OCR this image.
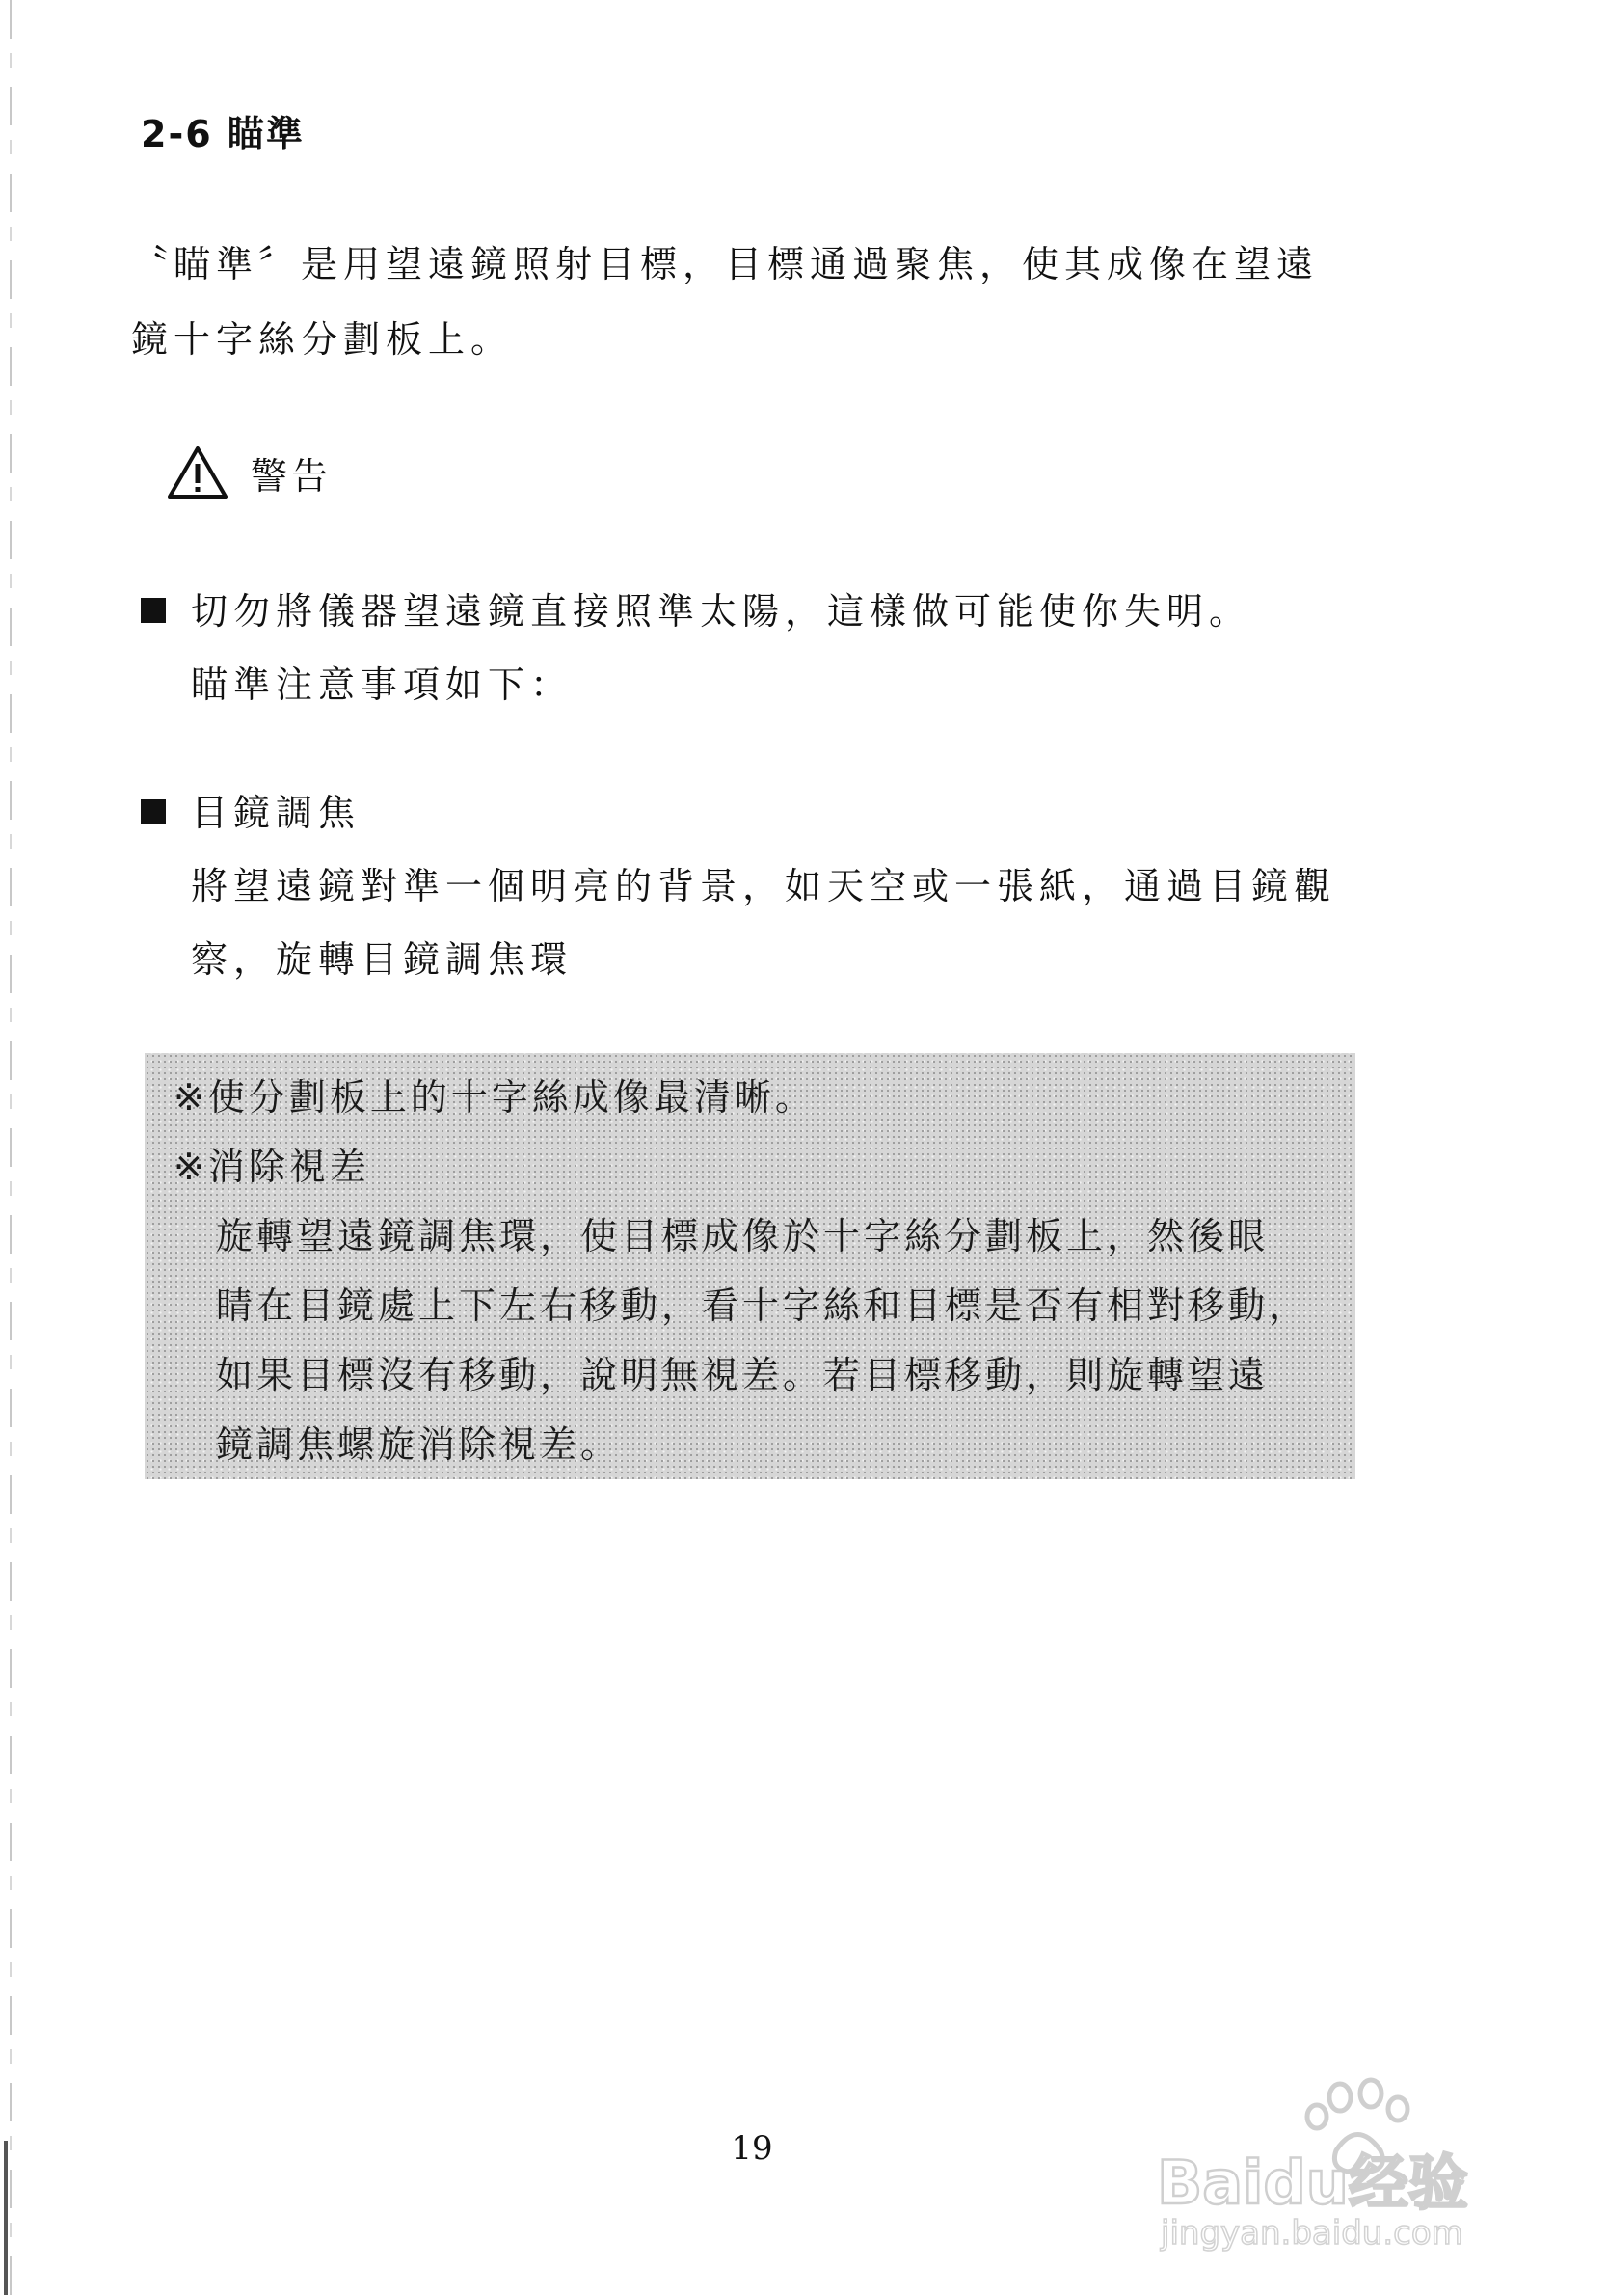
2-6 瞄準
〝瞄準〞是用望遠鏡照射目標，目標通過聚焦，使其成像在望遠
鏡十字絲分劃板上。
警告
切勿將儀器望遠鏡直接照準太陽，這樣做可能使你失明。
瞄準注意事項如下：
目鏡調焦
將望遠鏡對準一個明亮的背景，如天空或一張紙，通過目鏡觀
察，旋轉目鏡調焦環
※使分劃板上的十字絲成像最清晰。
※消除視差
旋轉望遠鏡調焦環，使目標成像於十字絲分劃板上，然後眼
睛在目鏡處上下左右移動，看十字絲和目標是否有相對移動，
如果目標沒有移動，說明無視差。若目標移動，則旋轉望遠
鏡調焦螺旋消除視差。
19	Baidu经验
jingyan.baidu.com
